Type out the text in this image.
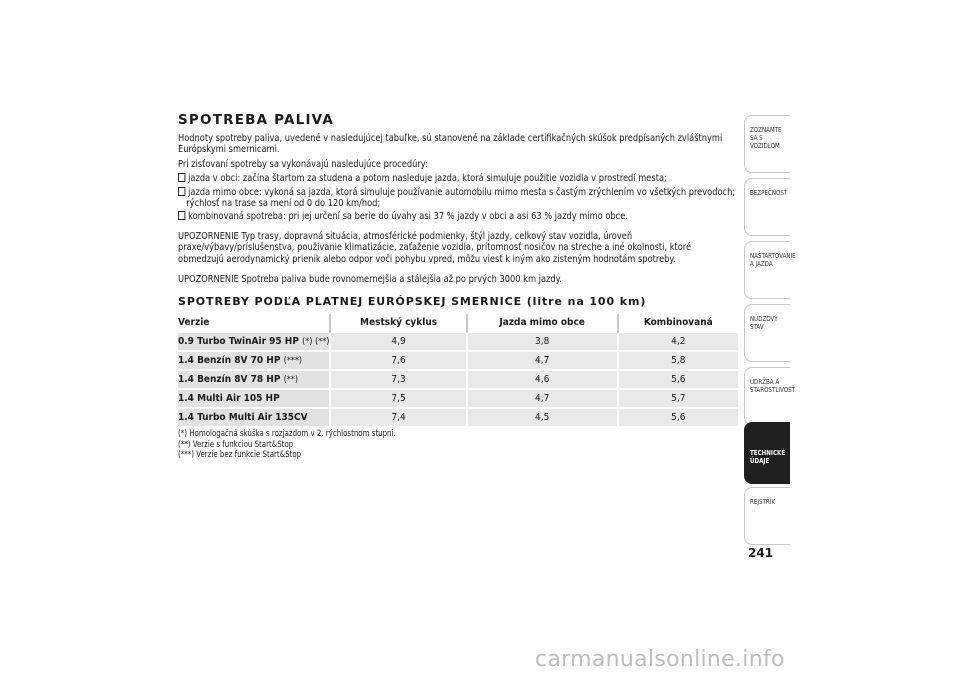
SPOTREBA PALIVA

Hodnoty spotreby paliva, uvedené v nasledujúcej tabuľke, sú stanovené na základe certifikačných skúšok predpísaných zvláštnymi Európskymi smernicami.

Pri zisťovaní spotreby sa vykonávajú nasledujúce procedúry:

jazda v obci: začína štartom za studena a potom nasleduje jazda, ktorá simuluje použitie vozidla v prostredí mesta;

jazda mimo obce: vykoná sa jazda, ktorá simuluje používanie automobilu mimo mesta s častým zrýchlením vo všetkých prevodoch; rýchlosť na trase sa mení od 0 do 120 km/hod;

kombinovaná spotreba: pri jej určení sa berie do úvahy asi 37 % jazdy v obci a asi 63 % jazdy mimo obce.

UPOZORNENIE Typ trasy, dopravná situácia, atmosférické podmienky, štýl jazdy, celkový stav vozidla, úroveň praxe/výbavy/príslušenstva, používanie klimatizácie, zaťaženie vozidla, prítomnosť nosičov na streche a iné okolnosti, ktoré obmedzujú aerodynamický prienik alebo odpor voči pohybu vpred, môžu viesť k iným ako zisteným hodnotám spotreby.

UPOZORNENIE Spotreba paliva bude rovnomernejšia a stálejšia až po prvých 3000 km jazdy.

SPOTREBY PODĽA PLATNEJ EURÓPSKEJ SMERNICE (litre na 100 km)
Verzie	Mestský cyklus	Jazda mimo obce	Kombinovaná
0.9 Turbo TwinAir 95 HP (*) (**)	4,9	3,8	4,2
1.4 Benzín 8V 70 HP (***)	7,6	4,7	5,8
1.4 Benzín 8V 78 HP (**)	7,3	4,6	5,6
1.4 Multi Air 105 HP	7,5	4,7	5,7
1.4 Turbo Multi Air 135CV	7,4	4,5	5,6
(*) Homologačná skúška s rozjazdom v 2. rýchlostnom stupni.
(**) Verzie s funkciou Start&Stop
(***) Verzie bez funkcie Start&Stop
ZOZNÁMTE SA S VOZIDLOM
BEZPEČNOSŤ
NAŠTARTOVANIE A JAZDA
NÚDZOVÝ STAV
ÚDRŽBA A STAROSTLIVOSŤ
TECHNICKÉ ÚDAJE
REJSTŘÍK
241
carmanualsonline.info
